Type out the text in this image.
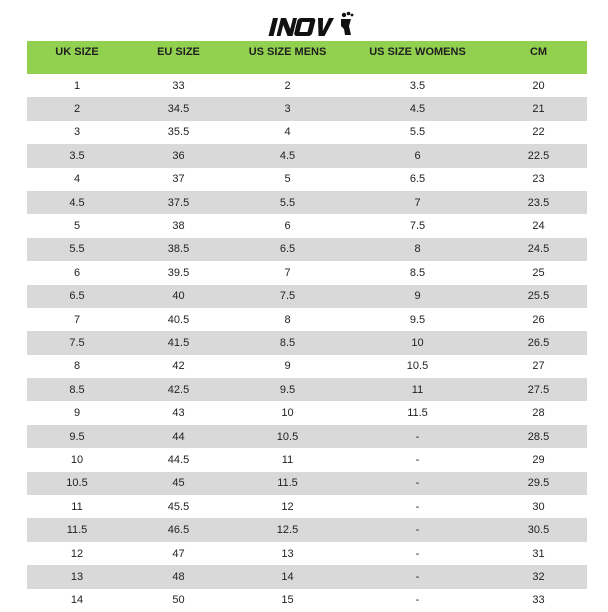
UK SIZE	EU SIZE	US SIZE MENS	US SIZE WOMENS	CM
1	33	2	3.5	20
2	34.5	3	4.5	21
3	35.5	4	5.5	22
3.5	36	4.5	6	22.5
4	37	5	6.5	23
4.5	37.5	5.5	7	23.5
5	38	6	7.5	24
5.5	38.5	6.5	8	24.5
6	39.5	7	8.5	25
6.5	40	7.5	9	25.5
7	40.5	8	9.5	26
7.5	41.5	8.5	10	26.5
8	42	9	10.5	27
8.5	42.5	9.5	11	27.5
9	43	10	11.5	28
9.5	44	10.5	-	28.5
10	44.5	11	-	29
10.5	45	11.5	-	29.5
11	45.5	12	-	30
11.5	46.5	12.5	-	30.5
12	47	13	-	31
13	48	14	-	32
14	50	15	-	33
